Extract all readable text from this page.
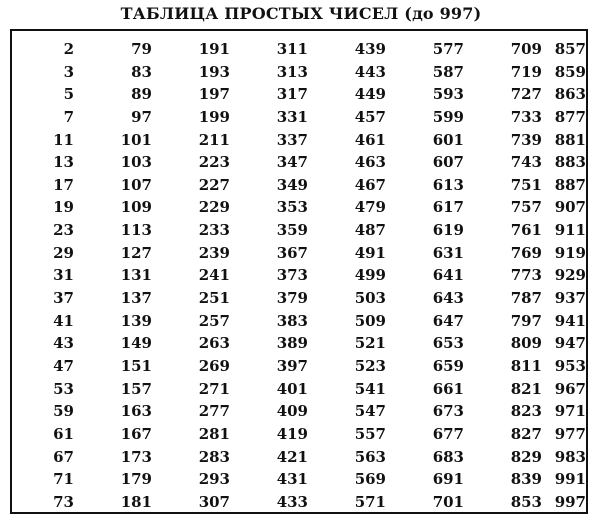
ТАБЛИЦА ПРОСТЫХ ЧИСЕЛ (до 997)
2	79	191	311	439	577	709 857
3	83	193	313	443	587	719 859
5	89	197	317	449	593	727 863
7	97	199	331	457	599	733 877
11	101	211	337	461	601	739 881
13	103	223	347	463	607	743 883
17	107	227	349	467	613	751 887
19	109	229	353	479	617	757 907
23	113	233	359	487	619	761 911
29	127	239	367	491	631	769 919
31	131	241	373	499	641	773 929
37	137	251	379	503	643	787 937
41	139	257	383	509	647	797 941
43	149	263	389	521	653	809 947
47	151	269	397	523	659	811 953
53	157	271	401	541	661	821 967
59	163	277	409	547	673	823 971
61	167	281	419	557	677	827 977
67	173	283	421	563	683	829 983
71	179	293	431	569	691	839 991
73	181	307	433	571	701	853 997
